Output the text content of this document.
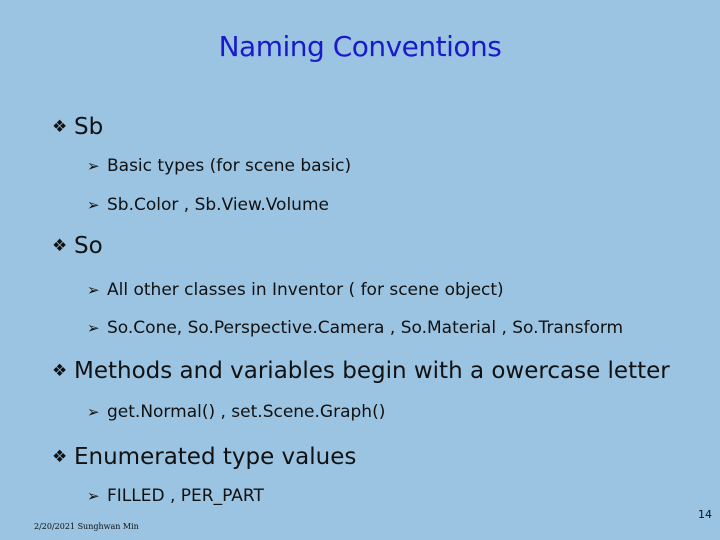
Naming Conventions
❖ Sb
➢ Basic types (for scene basic)
➢ Sb.Color , Sb.View.Volume
❖ So
➢ All other classes in Inventor ( for scene object)
➢ So.Cone, So.Perspective.Camera , So.Material , So.Transform
❖ Methods and variables begin with a owercase letter
➢ get.Normal() , set.Scene.Graph()
❖ Enumerated type values
➢ FILLED , PER_PART
2/20/2021 Sunghwan Min
14
